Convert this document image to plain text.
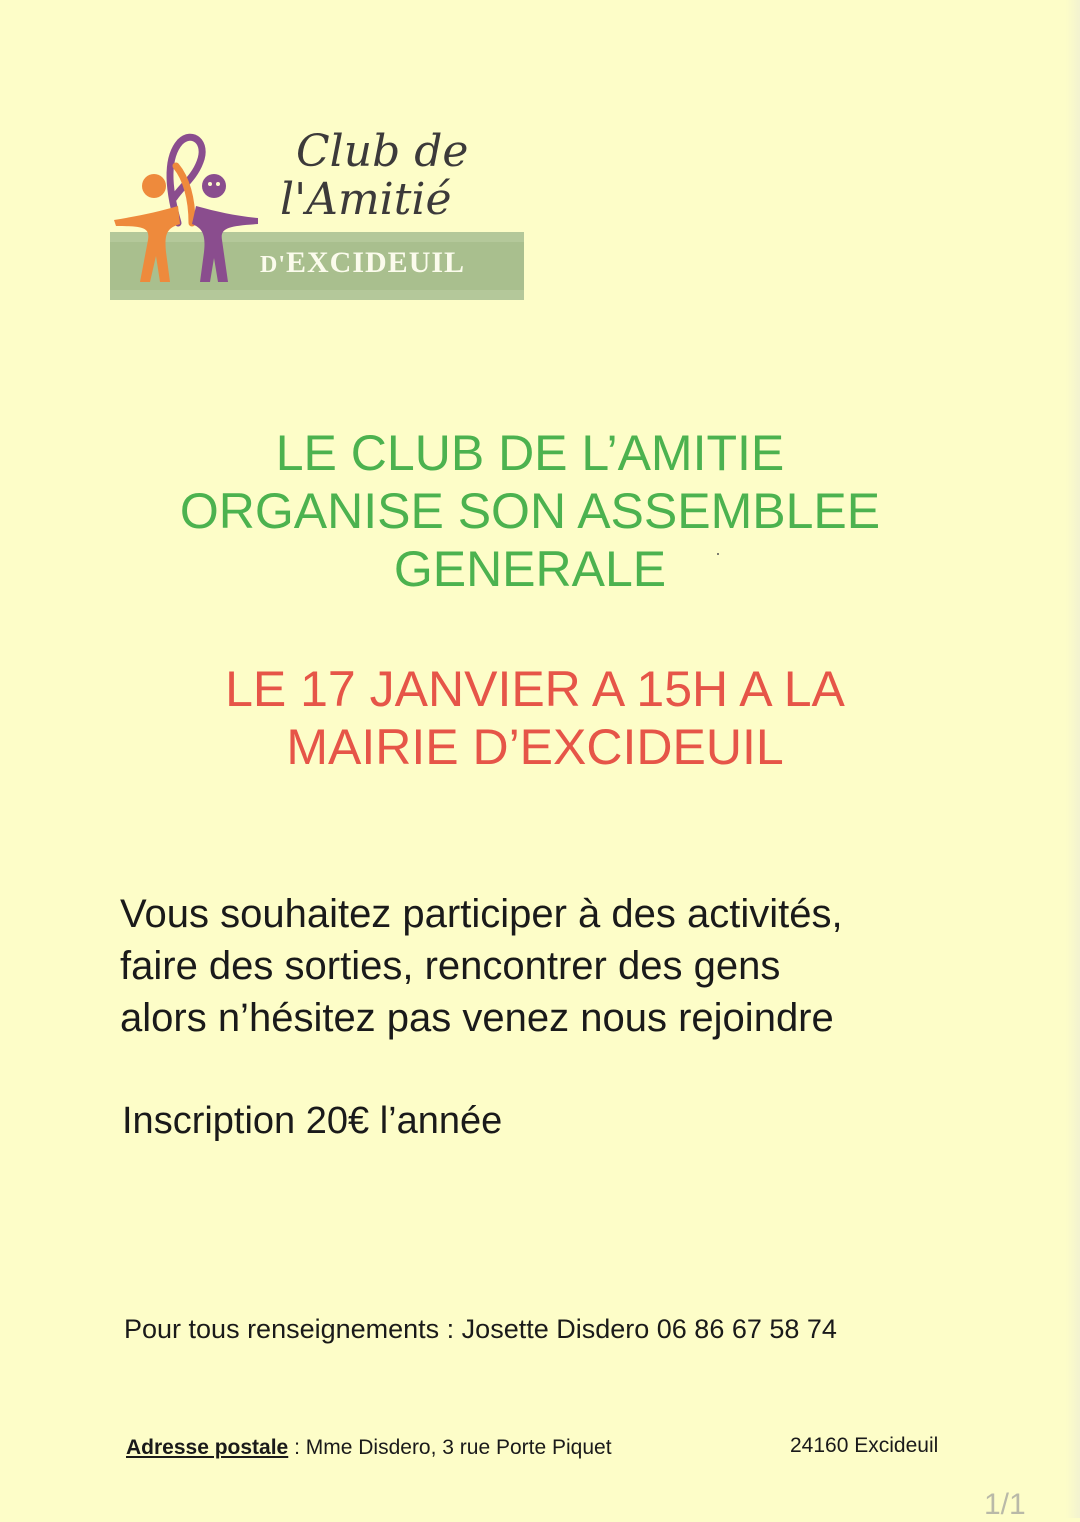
Club de
l'Amitié
D'EXCIDEUIL
LE CLUB DE L’AMITIE
ORGANISE SON ASSEMBLEE
GENERALE
LE 17 JANVIER A 15H A LA
MAIRIE D’EXCIDEUIL
Vous souhaitez participer à des activités,
faire des sorties, rencontrer des gens
alors n’hésitez pas venez nous rejoindre
Inscription 20€ l’année
Pour tous renseignements : Josette Disdero 06 86 67 58 74
Adresse postale : Mme Disdero, 3 rue Porte Piquet	24160 Excideuil
1/1
